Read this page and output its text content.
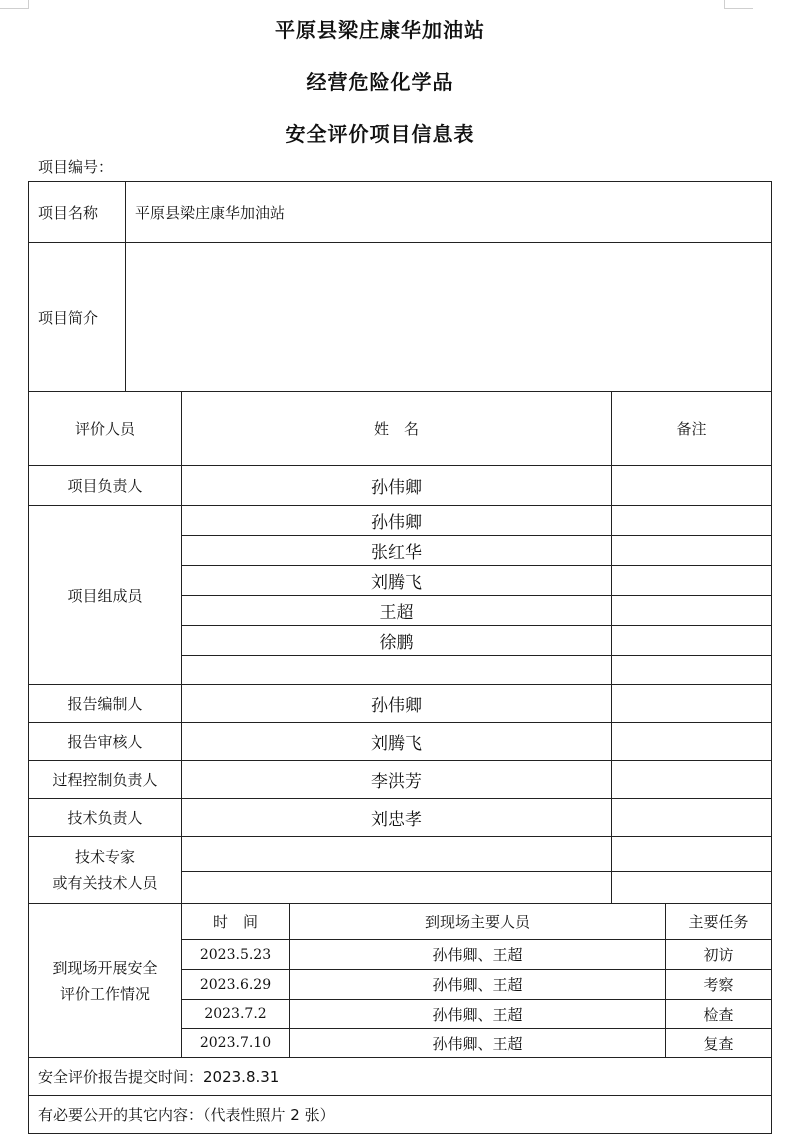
平原县梁庄康华加油站
经营危险化学品
安全评价项目信息表
项目编号：
项目名称	平原县梁庄康华加油站				
项目简介					
评价人员		姓　名		备注	
项目负责人		孙伟卿			
项目组成员		孙伟卿			
		张红华			
		刘腾飞			
		王超			
		徐鹏			

报告编制人		孙伟卿			
报告审核人		刘腾飞			
过程控制负责人		李洪芳			
技术负责人		刘忠孝			

技术专家
或有关技术人员					

到现场开展安全
评价工作情况		时　间	到现场主要人员		主要任务
		2023.5.23	孙伟卿、王超		初访
		2023.6.29	孙伟卿、王超		考察
		2023.7.2	孙伟卿、王超		检查
		2023.7.10	孙伟卿、王超		复查
安全评价报告提交时间：2023.8.31					
有必要公开的其它内容：（代表性照片 2 张）					
